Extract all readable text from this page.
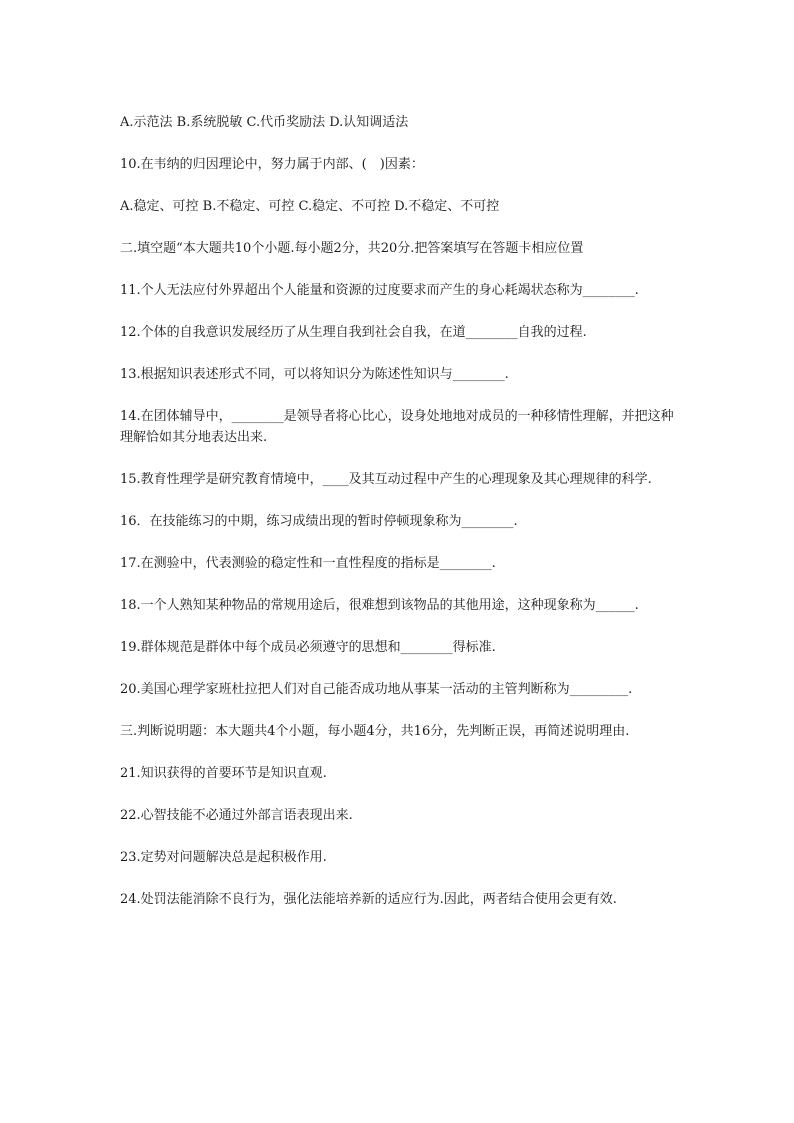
A.示范法 B.系统脱敏 C.代币奖励法 D.认知调适法

10.在韦纳的归因理论中，努力属于内部、(　)因素：

A.稳定、可控 B.不稳定、可控 C.稳定、不可控 D.不稳定、不可控

二.填空题“本大题共10个小题.每小题2分，共20分.把答案填写在答题卡相应位置

11.个人无法应付外界超出个人能量和资源的过度要求而产生的身心耗竭状态称为________.

12.个体的自我意识发展经历了从生理自我到社会自我，在道________自我的过程.

13.根据知识表述形式不同，可以将知识分为陈述性知识与________.

14.在团体辅导中，________是领导者将心比心，设身处地地对成员的一种移情性理解，并把这种理解恰如其分地表达出来.

15.教育性理学是研究教育情境中，____及其互动过程中产生的心理现象及其心理规律的科学.

16．在技能练习的中期，练习成绩出现的暂时停顿现象称为________.

17.在测验中，代表测验的稳定性和一直性程度的指标是________.

18.一个人熟知某种物品的常规用途后，很难想到该物品的其他用途，这种现象称为______.

19.群体规范是群体中每个成员必须遵守的思想和________得标准.

20.美国心理学家班杜拉把人们对自己能否成功地从事某一活动的主管判断称为_________.

三.判断说明题：本大题共4个小题，每小题4分，共16分，先判断正误，再简述说明理由.

21.知识获得的首要环节是知识直观.

22.心智技能不必通过外部言语表现出来.

23.定势对问题解决总是起积极作用.

24.处罚法能消除不良行为，强化法能培养新的适应行为.因此，两者结合使用会更有效.
